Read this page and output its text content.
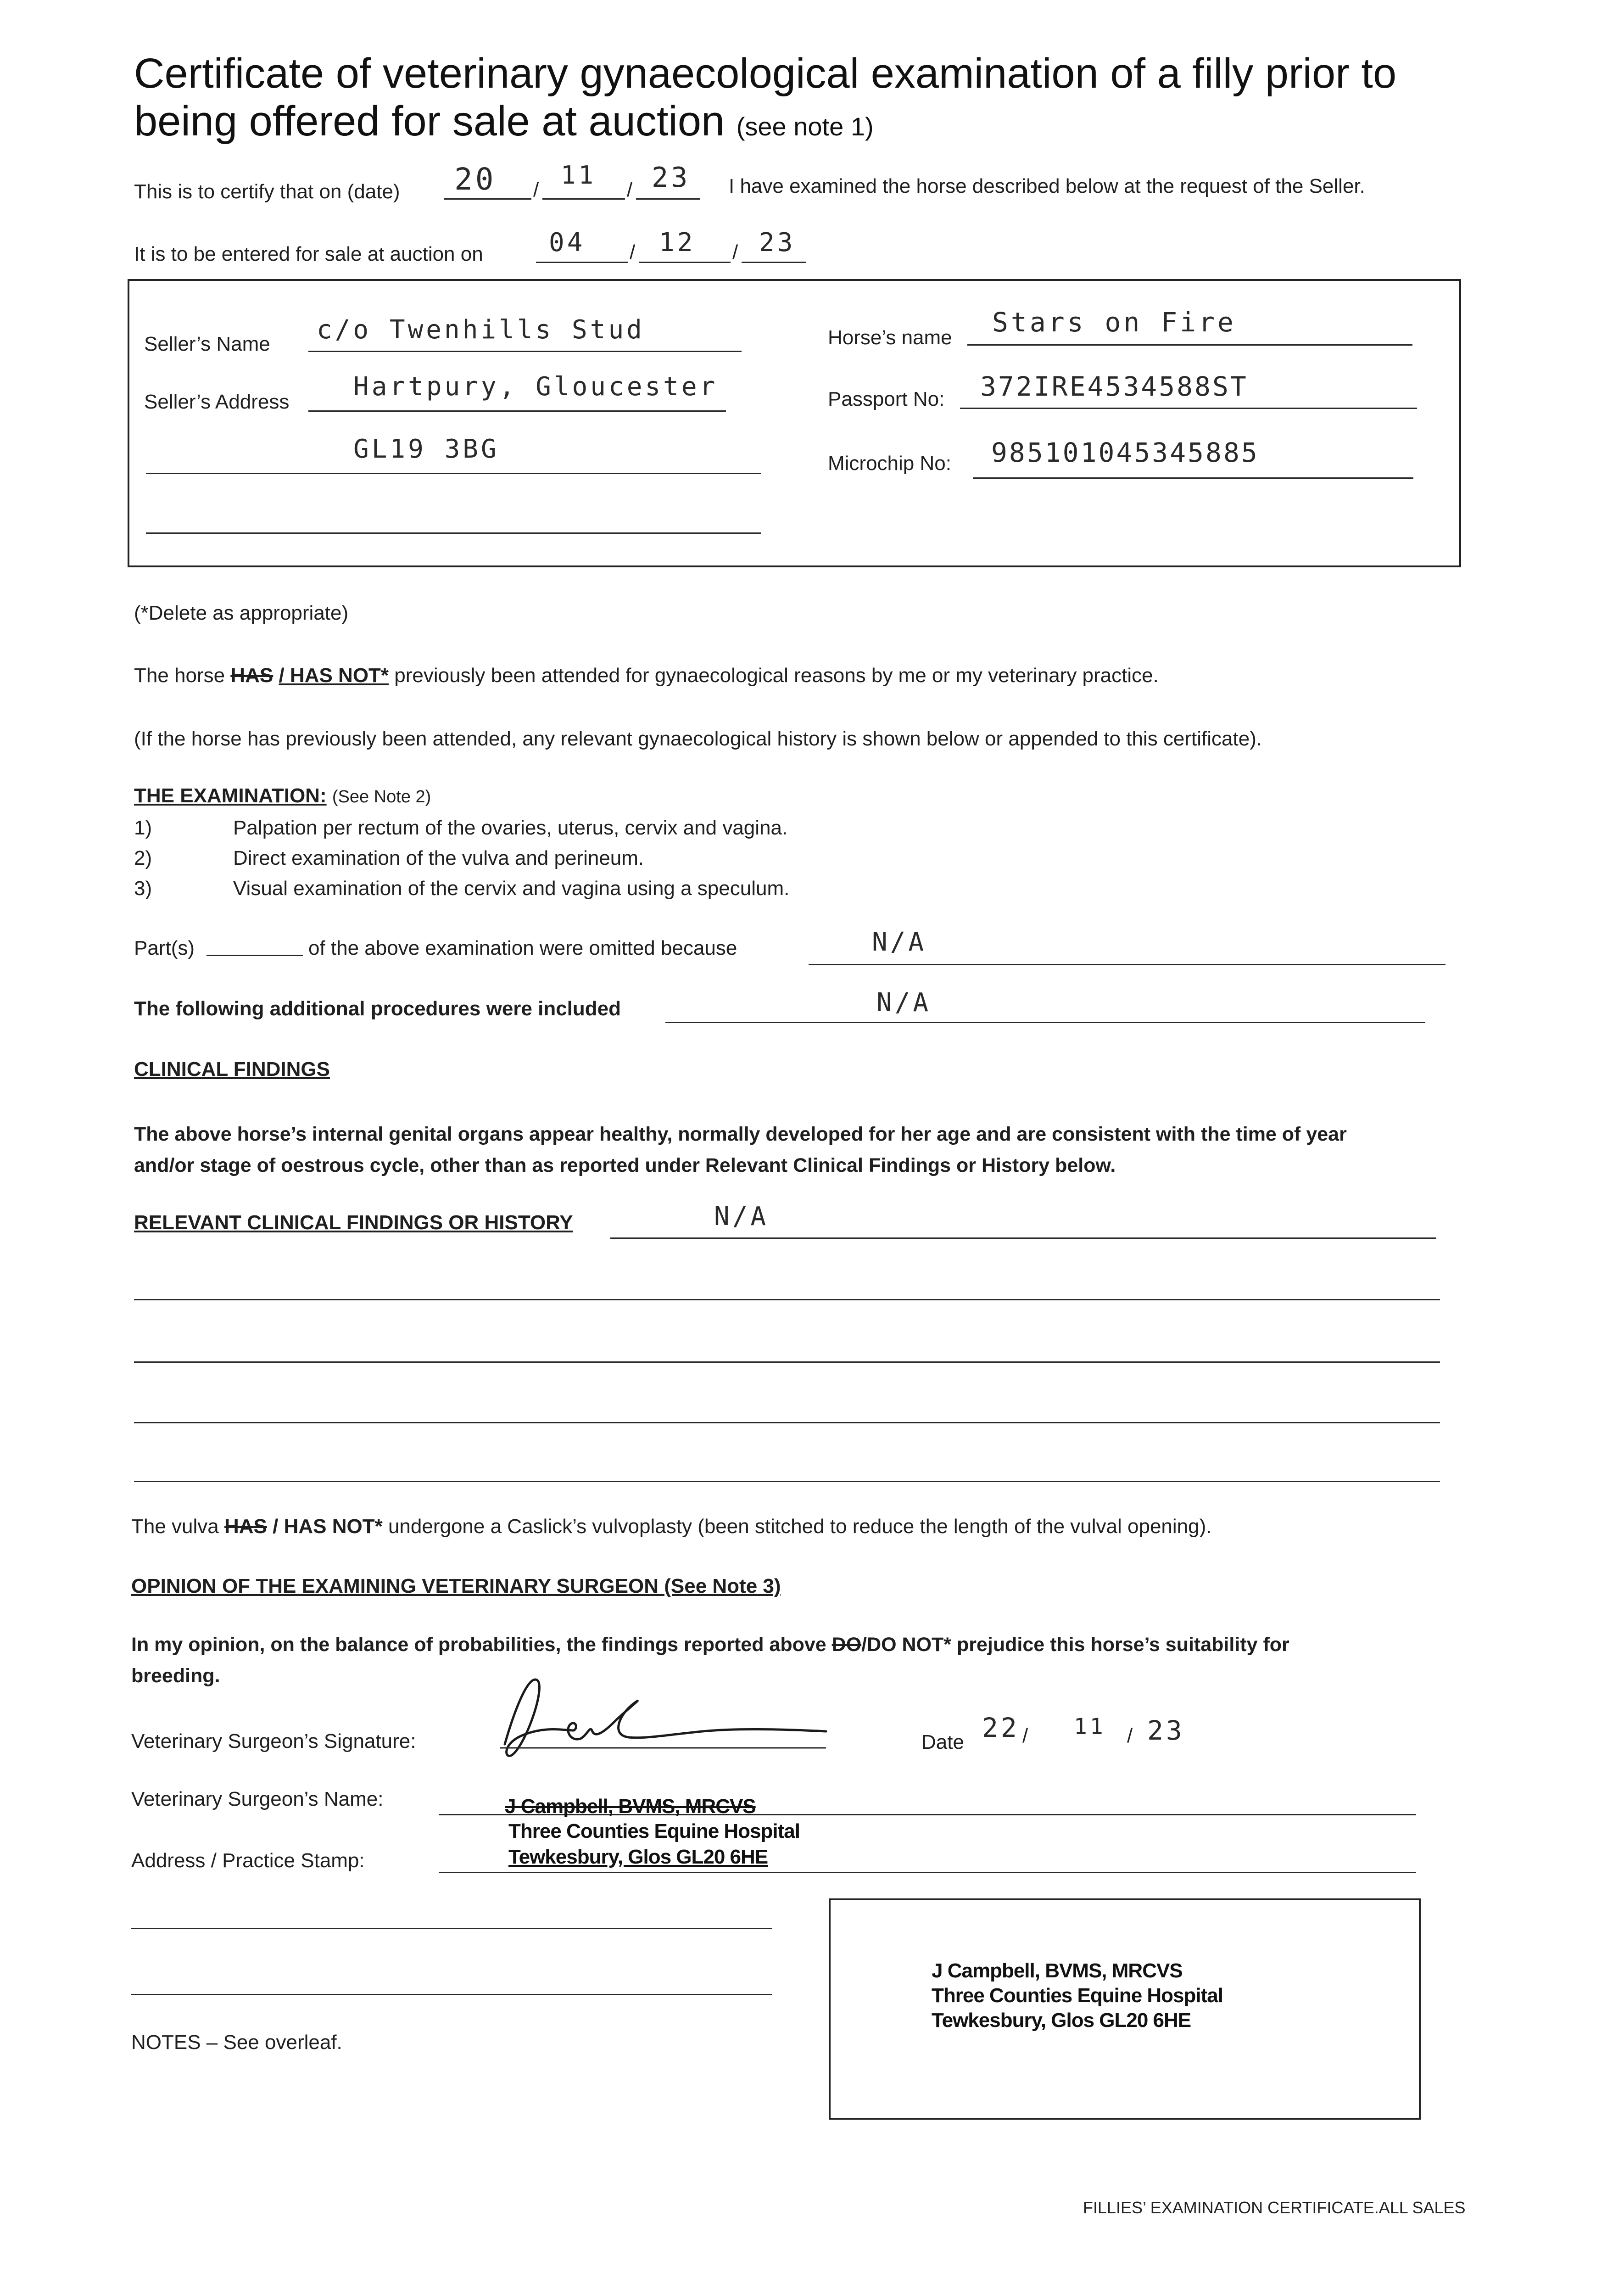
Certificate of veterinary gynaecological examination of a filly prior to
being offered for sale at auction (see note 1)
This is to certify that on (date) 20 /
11
/ 23 I have examined the horse described below at the request of the Seller.
It is to be entered for sale at auction on	04 / 12 / 23
Seller’s Name c/o Twenhills Stud
Seller’s Address
Hartpury, Gloucester
GL19 3BG
Horse’s name Stars on Fire
Passport No: 372IRE4534588ST
Microchip No: 985101045345885
(*Delete as appropriate)
The horse HAS / HAS NOT* previously been attended for gynaecological reasons by me or my veterinary practice.
(If the horse has previously been attended, any relevant gynaecological history is shown below or appended to this certificate).
THE EXAMINATION: (See Note 2)
1)	Palpation per rectum of the ovaries, uterus, cervix and vagina.
2)	Direct examination of the vulva and perineum.
3)	Visual examination of the cervix and vagina using a speculum.
Part(s)	of the above examination were omitted because	N/A
The following additional procedures were included	N/A
CLINICAL FINDINGS
The above horse’s internal genital organs appear healthy, normally developed for her age and are consistent with the time of year
and/or stage of oestrous cycle, other than as reported under Relevant Clinical Findings or History below.
RELEVANT CLINICAL FINDINGS OR HISTORY	N/A
The vulva HAS / HAS NOT* undergone a Caslick’s vulvoplasty (been stitched to reduce the length of the vulval opening).
OPINION OF THE EXAMINING VETERINARY SURGEON (See Note 3)
In my opinion, on the balance of probabilities, the findings reported above DO/DO NOT* prejudice this horse’s suitability for
breeding.
Veterinary Surgeon’s Signature:	Date 22 / 11 / 23
Veterinary Surgeon’s Name:	J Campbell, BVMS, MRCVS
Three Counties Equine Hospital
Address / Practice Stamp:	Tewkesbury, Glos GL20 6HE
J Campbell, BVMS, MRCVS
Three Counties Equine Hospital
Tewkesbury, Glos GL20 6HE
NOTES – See overleaf.
FILLIES’ EXAMINATION CERTIFICATE.ALL SALES
